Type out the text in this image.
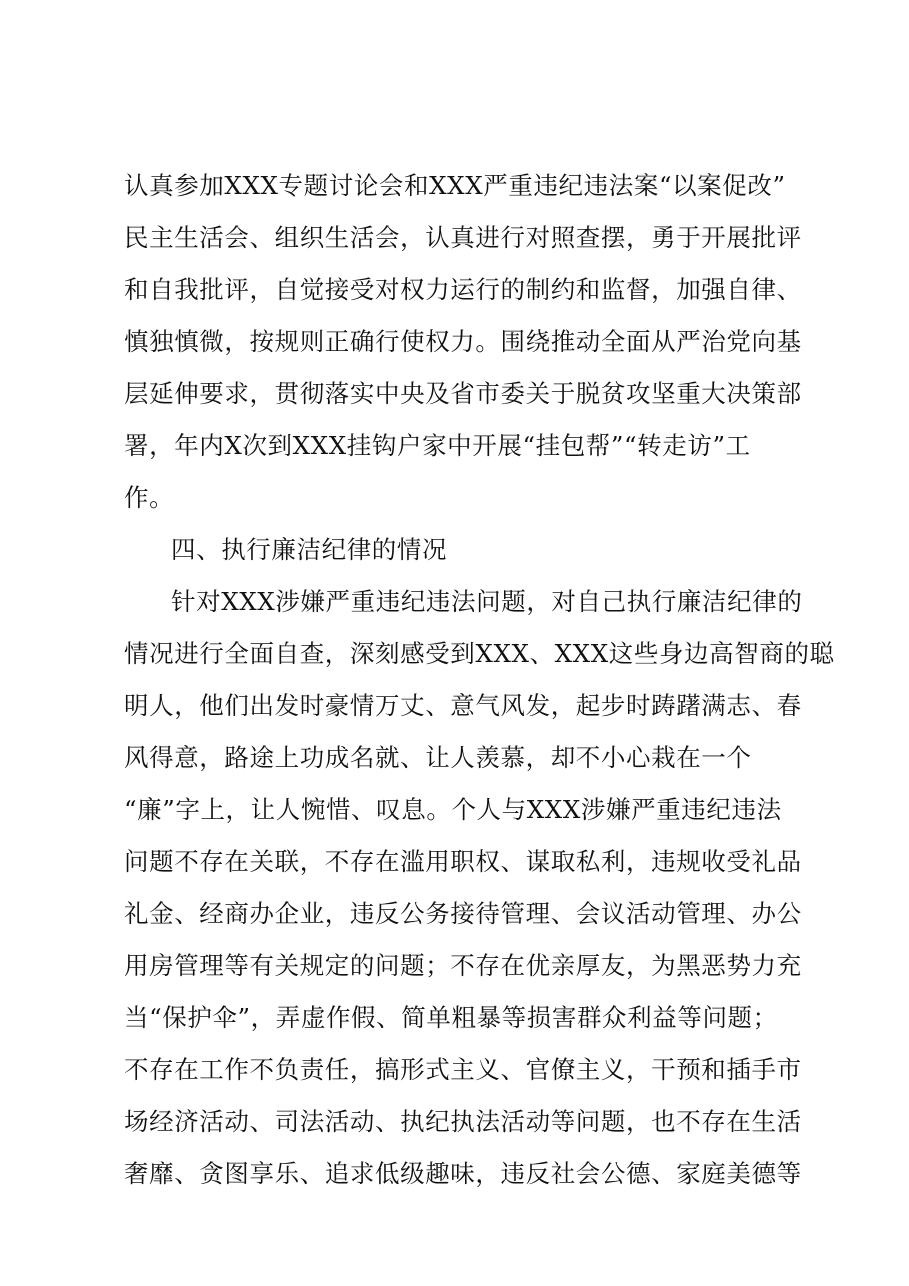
认真参加XXX专题讨论会和XXX严重违纪违法案“以案促改”
民主生活会、组织生活会，认真进行对照查摆，勇于开展批评
和自我批评，自觉接受对权力运行的制约和监督，加强自律、
慎独慎微，按规则正确行使权力。围绕推动全面从严治党向基
层延伸要求，贯彻落实中央及省市委关于脱贫攻坚重大决策部
署，年内X次到XXX挂钩户家中开展“挂包帮”“转走访”工
作。
四、执行廉洁纪律的情况
针对XXX涉嫌严重违纪违法问题，对自己执行廉洁纪律的
情况进行全面自查，深刻感受到XXX、XXX这些身边高智商的聪
明人，他们出发时豪情万丈、意气风发，起步时踌躇满志、春
风得意，路途上功成名就、让人羡慕，却不小心栽在一个
“廉”字上，让人惋惜、叹息。个人与XXX涉嫌严重违纪违法
问题不存在关联，不存在滥用职权、谋取私利，违规收受礼品
礼金、经商办企业，违反公务接待管理、会议活动管理、办公
用房管理等有关规定的问题；不存在优亲厚友，为黑恶势力充
当“保护伞”，弄虚作假、简单粗暴等损害群众利益等问题；
不存在工作不负责任，搞形式主义、官僚主义，干预和插手市
场经济活动、司法活动、执纪执法活动等问题，也不存在生活
奢靡、贪图享乐、追求低级趣味，违反社会公德、家庭美德等
